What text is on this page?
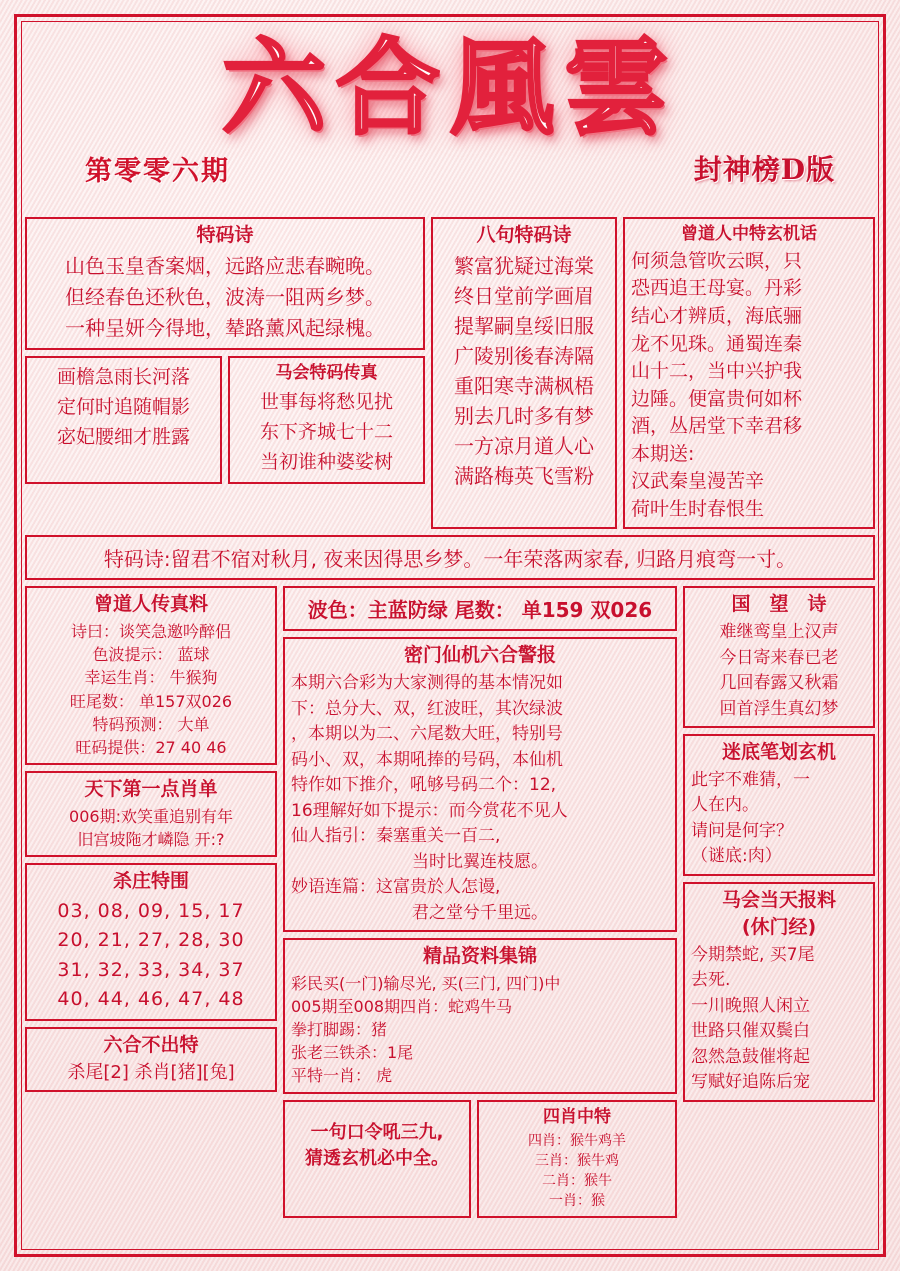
六合風雲
第零零六期	封神榜D版
特码诗
山色玉皇香案烟，远路应悲春畹晚。
但经春色还秋色，波涛一阻两乡梦。
一种呈妍今得地，辇路薰风起绿槐。
画檐急雨长河落
定何时追随帽影
宓妃腰细才胜露
马会特码传真
世事每将愁见扰
东下齐城七十二
当初谁种婆娑树
八句特码诗
繁富犹疑过海棠
终日堂前学画眉
提挈嗣皇绥旧服
广陵别後春涛隔
重阳寒寺满枫梧
别去几时多有梦
一方凉月道人心
满路梅英飞雪粉
曾道人中特玄机话
何须急管吹云暝，只
恐西追王母宴。丹彩
结心才辨质，海底骊
龙不见珠。通蜀连秦
山十二，当中兴护我
边陲。便富贵何如杯
酒，丛居堂下幸君移
本期送:
汉武秦皇漫苦辛
荷叶生时春恨生
特码诗:留君不宿对秋月, 夜来因得思乡梦。一年荣落两家春, 归路月痕弯一寸。
曾道人传真料
诗曰：谈笑急邀吟醉侣
色波提示： 蓝球
幸运生肖： 牛猴狗
旺尾数： 单157双026
特码预测： 大单
旺码提供：27 40 46
天下第一点肖单
006期:欢笑重追别有年
旧宫坡陁才嶙隐 开:?
杀庄特围
03, 08, 09, 15, 17
20, 21, 27, 28, 30
31, 32, 33, 34, 37
40, 44, 46, 47, 48
六合不出特
杀尾[2] 杀肖[猪][兔]
波色：主蓝防绿 尾数： 单159 双026
密门仙机六合警报
本期六合彩为大家测得的基本情况如
下：总分大、双，红波旺，其次绿波
，本期以为二、六尾数大旺，特别号
码小、双，本期吼捧的号码，本仙机
特作如下推介，吼够号码二个：12,
16理解好如下提示：而今赏花不见人
仙人指引：秦塞重关一百二,
当时比翼连枝愿。
妙语连篇：这富贵於人怎谩,
君之堂兮千里远。
精品资料集锦
彩民买(一门)输尽光, 买(三门, 四门)中
005期至008期四肖：蛇鸡牛马
拳打脚踢：猪
张老三铁杀：1尾
平特一肖： 虎
一句口令吼三九,
猜透玄机必中全。
四肖中特
四肖：猴牛鸡羊
三肖：猴牛鸡
二肖：猴牛
一肖：猴
国　望　诗
难继鸾皇上汉声
今日寄来春已老
几回春露又秋霜
回首浮生真幻梦
迷底笔划玄机
此字不难猜，一
人在内。
请问是何字？
（谜底:肉）
马会当天报料
(休门经)
今期禁蛇, 买7尾
去死.
一川晚照人闲立
世路只催双鬓白
忽然急鼓催将起
写赋好追陈后宠
